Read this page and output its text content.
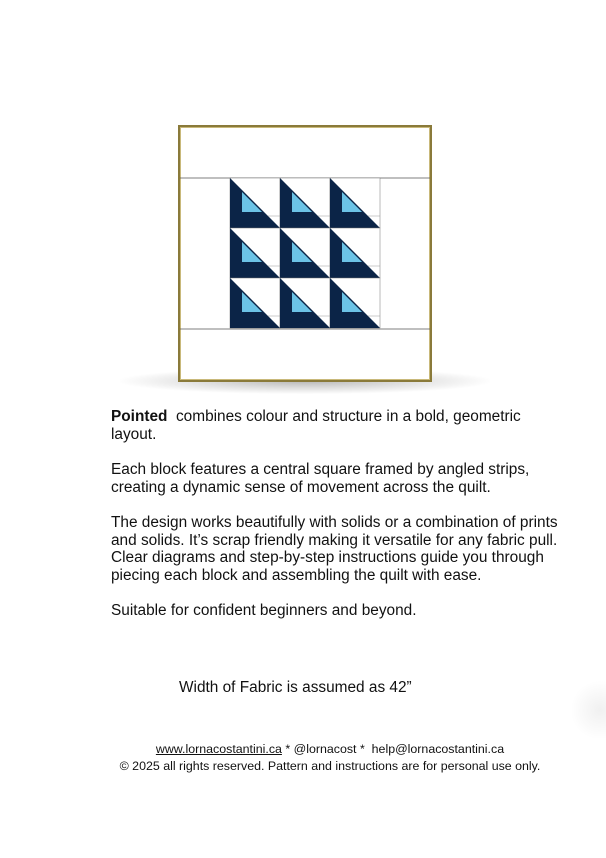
Pointed  combines colour and structure in a bold, geometric layout.

Each block features a central square framed by angled strips, creating a dynamic sense of movement across the quilt.

The design works beautifully with solids or a combination of prints and solids. It’s scrap friendly making it versatile for any fabric pull. Clear diagrams and step-by-step instructions guide you through piecing each block and assembling the quilt with ease.

Suitable for confident beginners and beyond.

Width of Fabric is assumed as 42”
www.lornacostantini.ca * @lornacost *  help@lornacostantini.ca
© 2025 all rights reserved. Pattern and instructions are for personal use only.
